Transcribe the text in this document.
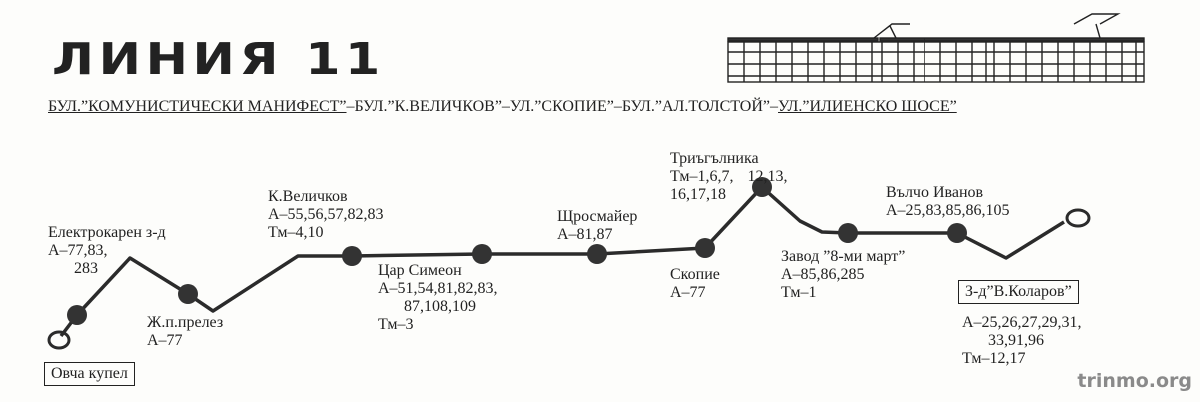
ЛИНИЯ 11
БУЛ.”КОМУНИСТИЧЕСКИ МАНИФЕСТ”–БУЛ.”К.ВЕЛИЧКОВ”–УЛ.”СКОПИЕ”–БУЛ.”АЛ.ТОЛСТОЙ”–УЛ.”ИЛИЕНСКО ШОСЕ”
Овча купел
Електрокарен з-д
А–77,83,
283
Ж.п.прелез
А–77
К.Величков
А–55,56,57,82,83
Тм–4,10
Цар Симеон
А–51,54,81,82,83,
87,108,109
Тм–3
Щросмайер
А–81,87
Скопие
А–77
Триъгълника
Тм–1,6,7, 12,13,
16,17,18
Завод ”8-ми март”
А–85,86,285
Тм–1
Вълчо Иванов
А–25,83,85,86,105
З-д”В.Коларов”
А–25,26,27,29,31,
33,91,96
Тм–12,17
trinmo.org
